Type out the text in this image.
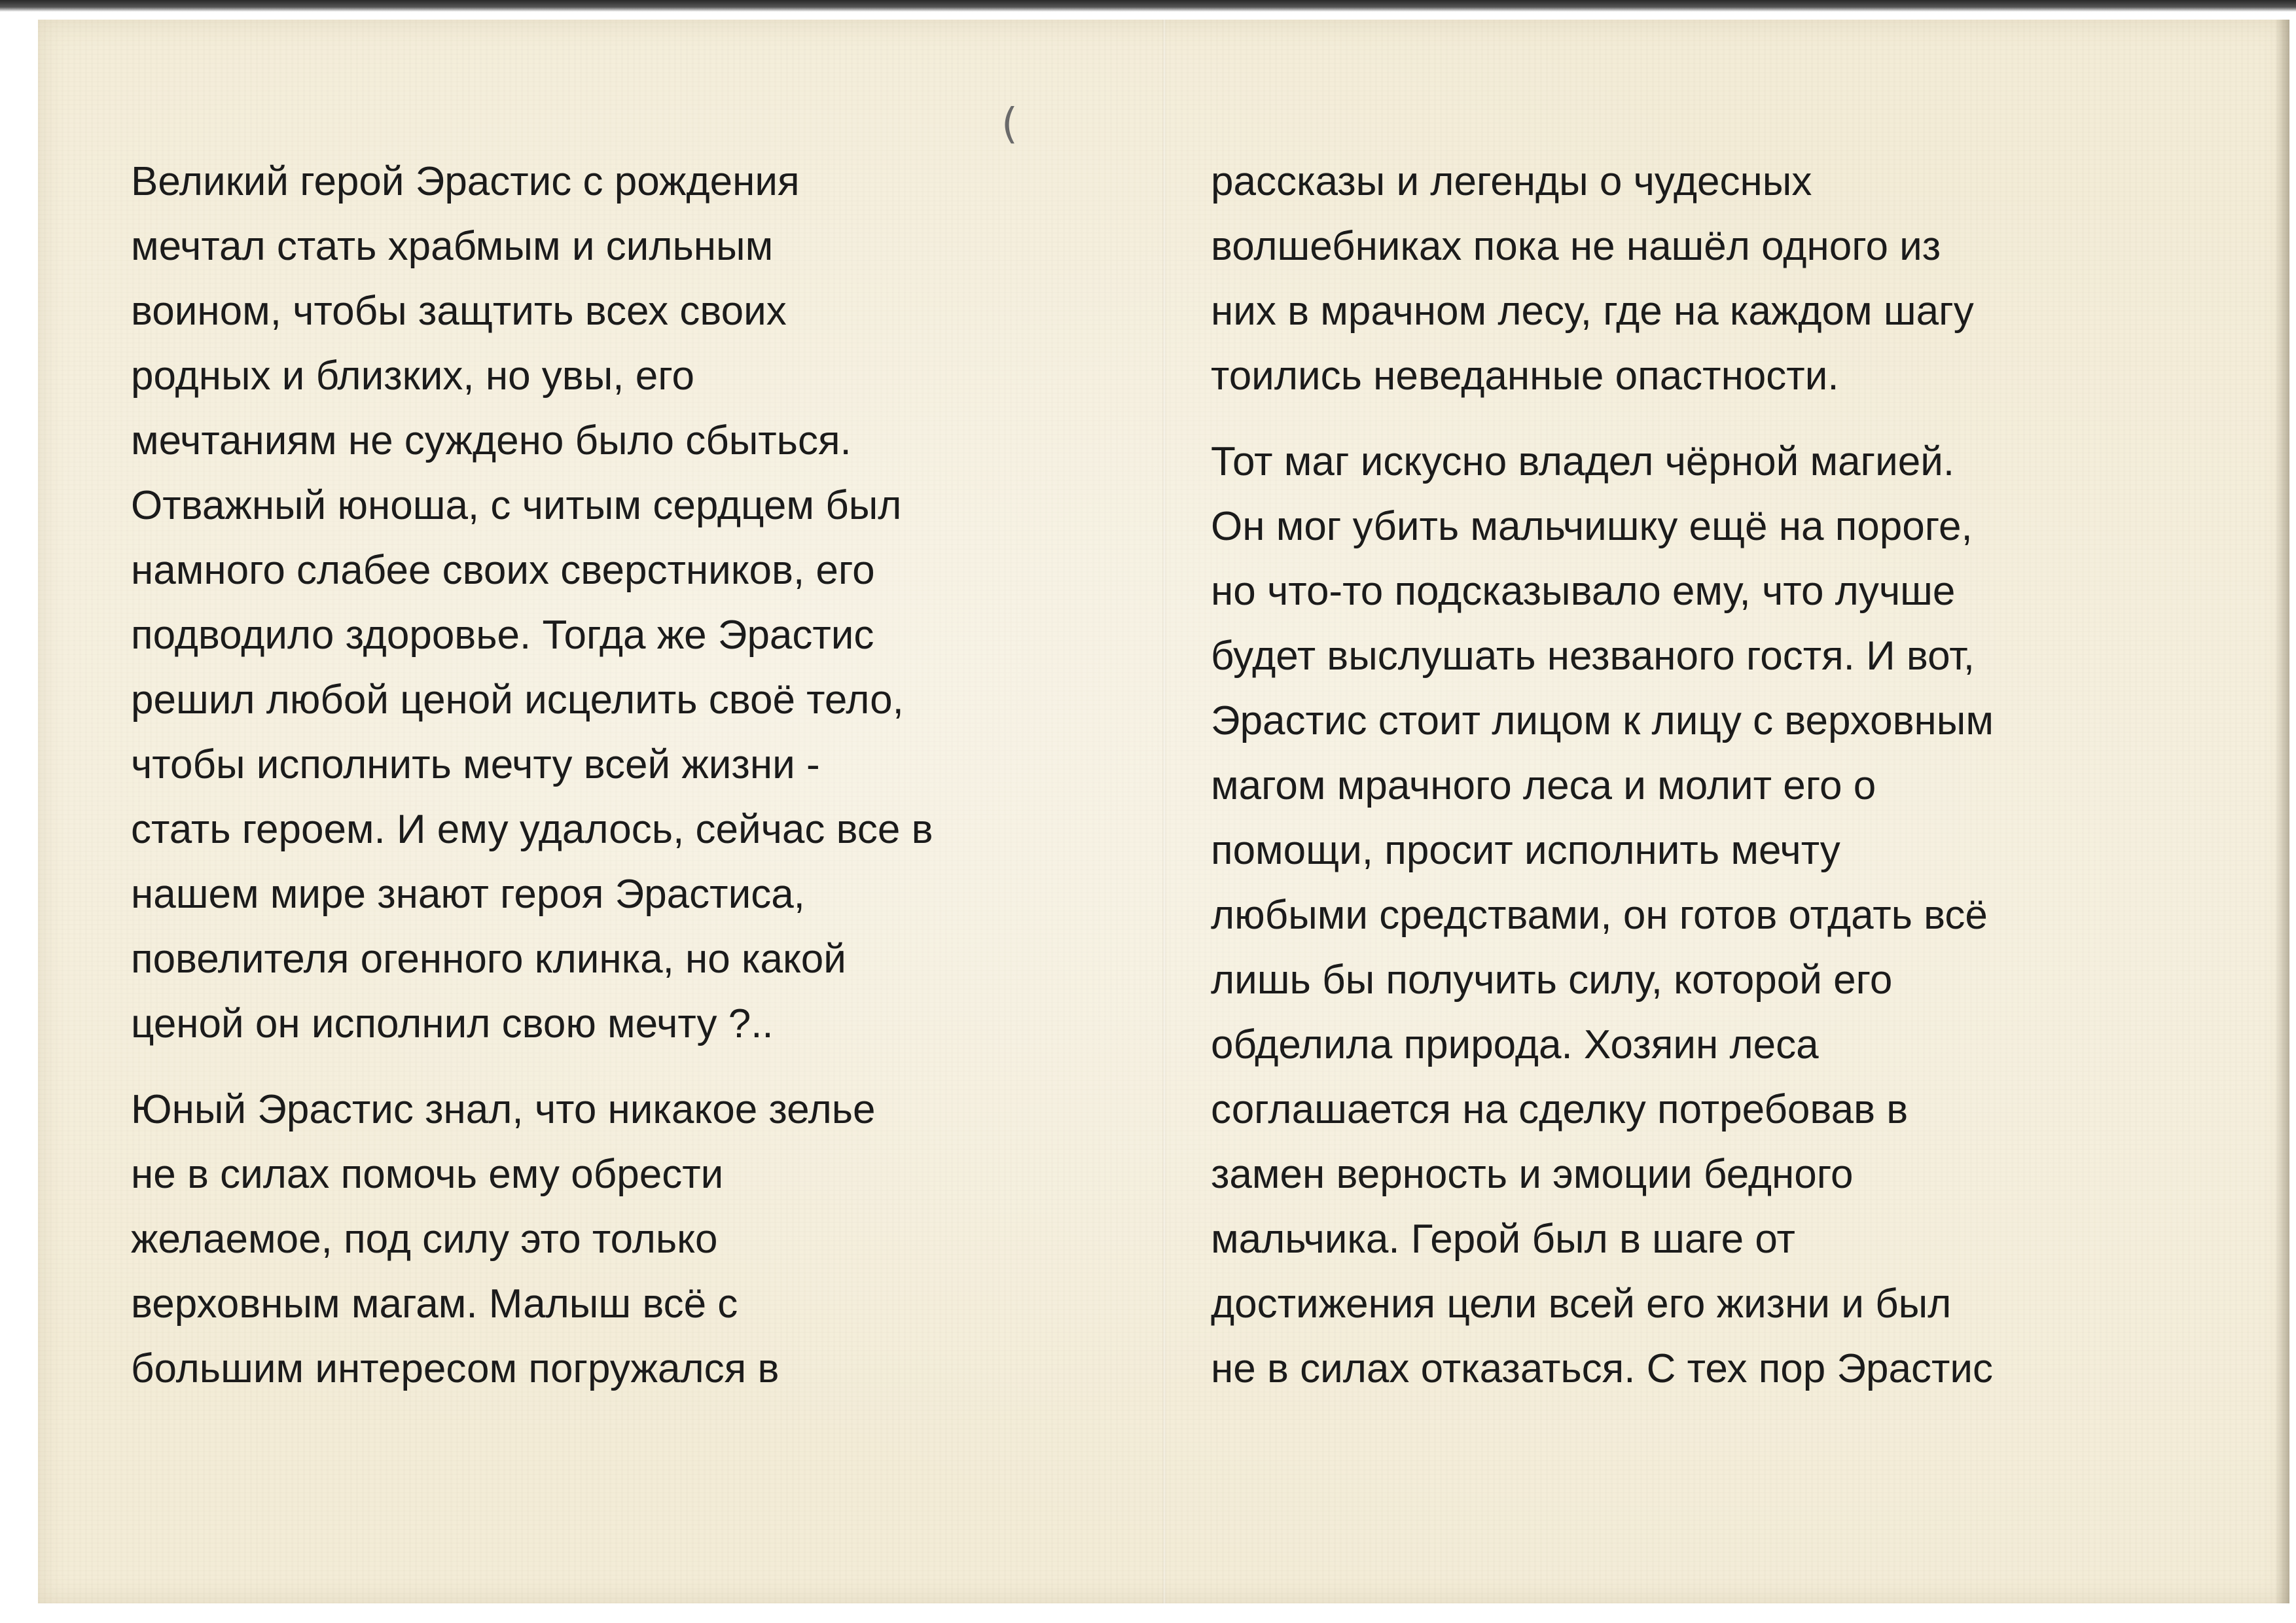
(

Великий герой Эрастис с рождения
мечтал стать храбмым и сильным
воином, чтобы защтить всех своих
родных и близких, но увы, его
мечтаниям не суждено было сбыться.
Отважный юноша, с читым сердцем был
намного слабее своих сверстников, его
подводило здоровье. Тогда же Эрастис
решил любой ценой исцелить своё тело,
чтобы исполнить мечту всей жизни -
стать героем. И ему удалось, сейчас все в
нашем мире знают героя Эрастиса,
повелителя огенного клинка, но какой
ценой он исполнил свою мечту ?..

Юный Эрастис знал, что никакое зелье
не в силах помочь ему обрести
желаемое, под силу это только
верховным магам. Малыш всё с
большим интересом погружался в

рассказы и легенды о чудесных
волшебниках пока не нашёл одного из
них в мрачном лесу, где на каждом шагу
тоились неведанные опастности.

Тот маг искусно владел чёрной магией.
Он мог убить мальчишку ещё на пороге,
но что-то подсказывало ему, что лучше
будет выслушать незваного гостя. И вот,
Эрастис стоит лицом к лицу с верховным
магом мрачного леса и молит его о
помощи, просит исполнить мечту
любыми средствами, он готов отдать всё
лишь бы получить силу, которой его
обделила природа. Хозяин леса
соглашается на сделку потребовав в
замен верность и эмоции бедного
мальчика. Герой был в шаге от
достижения цели всей его жизни и был
не в силах отказаться. С тех пор Эрастис
